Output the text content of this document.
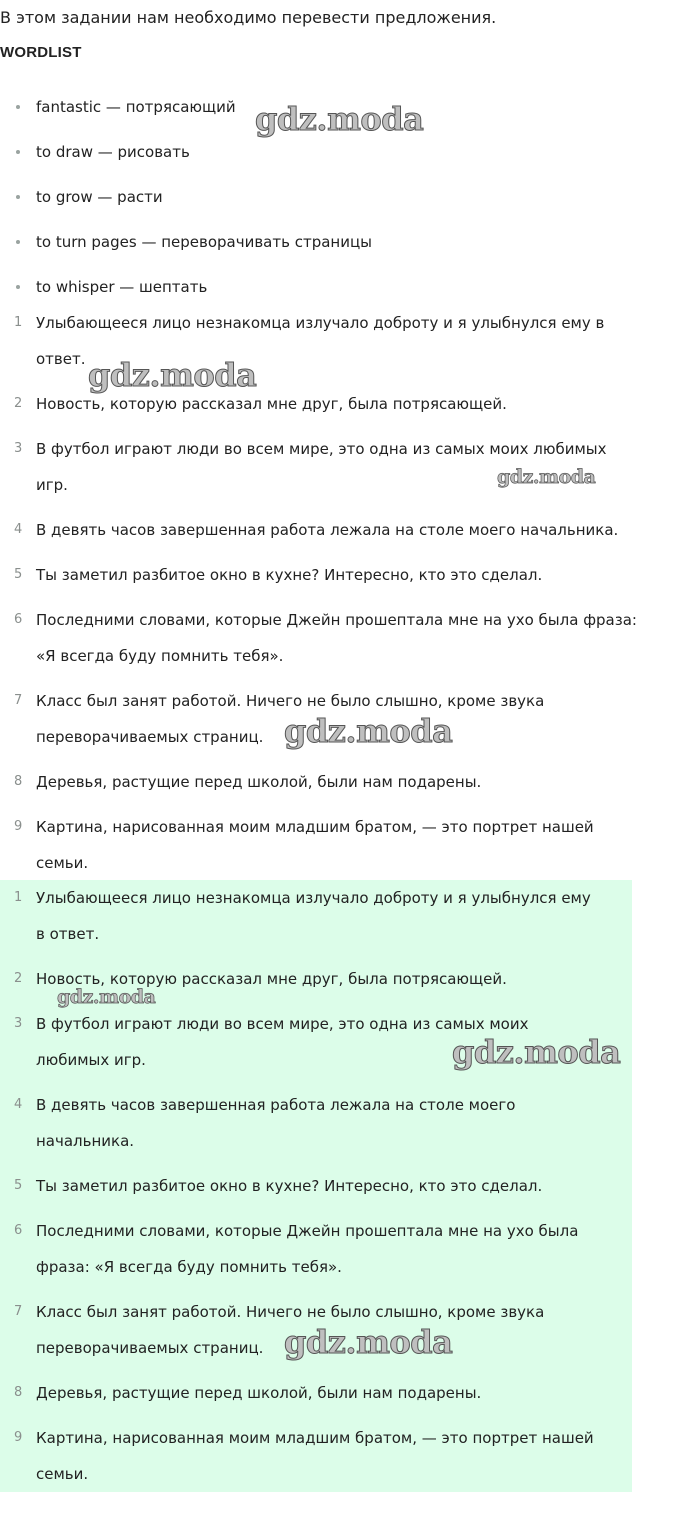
В этом задании нам необходимо перевести предложения.
WORDLIST
fantastic — потрясающий
to draw — рисовать
to grow — расти
to turn pages — переворачивать страницы
to whisper — шептать
1 Улыбающееся лицо незнакомца излучало доброту и я улыбнулся ему в ответ.
2 Новость, которую рассказал мне друг, была потрясающей.
3 В футбол играют люди во всем мире, это одна из самых моих любимых игр.
4 В девять часов завершенная работа лежала на столе моего начальника.
5 Ты заметил разбитое окно в кухне? Интересно, кто это сделал.
6 Последними словами, которые Джейн прошептала мне на ухо была фраза: «Я всегда буду помнить тебя».
7 Класс был занят работой. Ничего не было слышно, кроме звука переворачиваемых страниц.
8 Деревья, растущие перед школой, были нам подарены.
9 Картина, нарисованная моим младшим братом, — это портрет нашей семьи.
1 Улыбающееся лицо незнакомца излучало доброту и я улыбнулся ему в ответ.
2 Новость, которую рассказал мне друг, была потрясающей.
3 В футбол играют люди во всем мире, это одна из самых моих любимых игр.
4 В девять часов завершенная работа лежала на столе моего начальника.
5 Ты заметил разбитое окно в кухне? Интересно, кто это сделал.
6 Последними словами, которые Джейн прошептала мне на ухо была фраза: «Я всегда буду помнить тебя».
7 Класс был занят работой. Ничего не было слышно, кроме звука переворачиваемых страниц.
8 Деревья, растущие перед школой, были нам подарены.
9 Картина, нарисованная моим младшим братом, — это портрет нашей семьи.
gdz.moda
gdz.moda
gdz.moda
gdz.moda
gdz.moda
gdz.moda
gdz.moda
